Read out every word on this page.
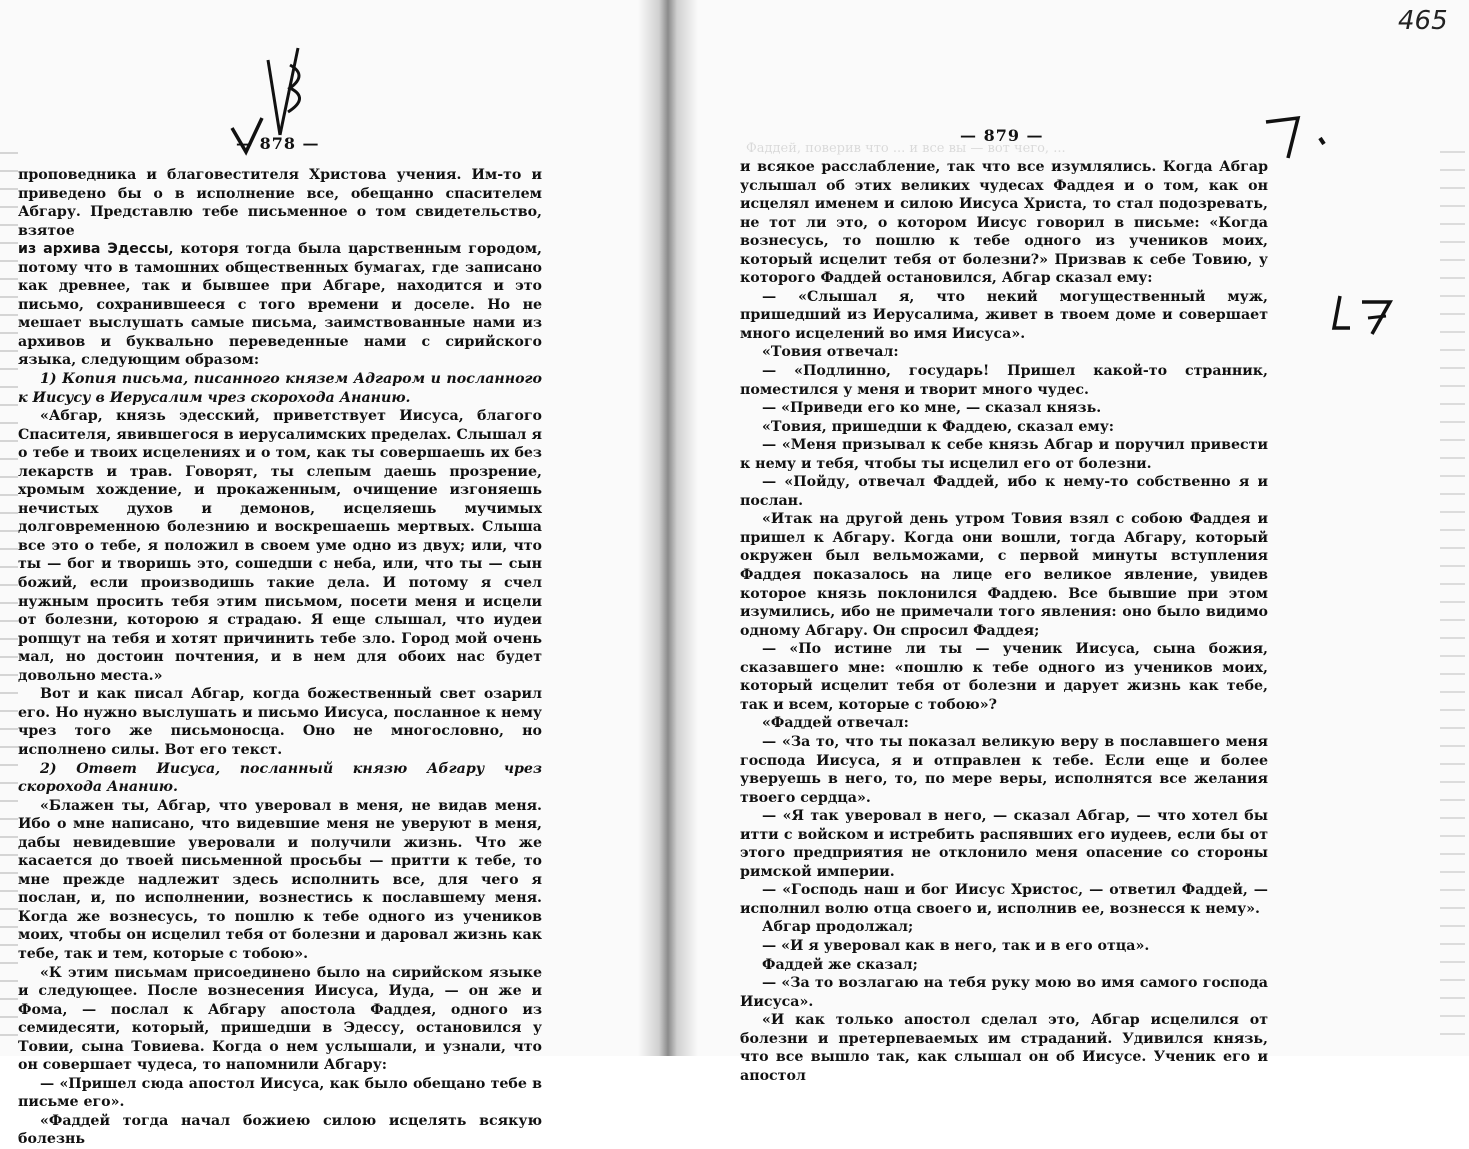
465
— 878 —

проповедника и благовестителя Христова учения. Им-то и приведено бы о в исполнение все, обещанно спасителем Абгару. Представлю тебе письменное о том свидетельство, взятое

из архива Эдессы, которя тогда была царственным городом, потому что в тамошних общественных бумагах, где записано как древнее, так и бывшее при Абгаре, находится и это письмо, сохранившееся с того времени и доселе. Но не мешает выслушать самые письма, заимствованные нами из архивов и буквально переведенные нами с сирийского языка, следующим образом:

1) Копия письма, писанного князем Адгаром и посланного к Иисусу в Иерусалим чрез скорохода Ананию.

«Абгар, князь эдесский, приветствует Иисуса, благого Спасителя, явившегося в иерусалимских пределах. Слышал я о тебе и твоих исцелениях и о том, как ты совершаешь их без лекарств и трав. Говорят, ты слепым даешь прозрение, хромым хождение, и прокаженным, очищение изгоняешь нечистых духов и демонов, исцеляешь мучимых долговременною болезнию и воскрешаешь мертвых. Слыша все это о тебе, я положил в своем уме одно из двух; или, что ты — бог и творишь это, сошедши с неба, или, что ты — сын божий, если производишь такие дела. И потому я счел нужным просить тебя этим письмом, посети меня и исцели от болезни, которою я страдаю. Я еще слышал, что иудеи ропщут на тебя и хотят причинить тебе зло. Город мой очень мал, но достоин почтения, и в нем для обоих нас будет довольно места.»

Вот и как писал Абгар, когда божественный свет озарил его. Но нужно выслушать и письмо Иисуса, посланное к нему чрез того же письмоносца. Оно не многословно, но исполнено силы. Вот его текст.

2) Ответ Иисуса, посланный князю Абгару чрез скорохода Ананию.

«Блажен ты, Абгар, что уверовал в меня, не видав меня. Ибо о мне написано, что видевшие меня не уверуют в меня, дабы невидевшие уверовали и получили жизнь. Что же касается до твоей письменной просьбы — притти к тебе, то мне прежде надлежит здесь исполнить все, для чего я послан, и, по исполнении, вознестись к пославшему меня. Когда же вознесусь, то пошлю к тебе одного из учеников моих, чтобы он исцелил тебя от болезни и даровал жизнь как тебе, так и тем, которые с тобою».

«К этим письмам присоединено было на сирийском языке и следующее. После вознесения Иисуса, Иуда, — он же и Фома, — послал к Абгару апостола Фаддея, одного из семидесяти, который, пришедши в Эдессу, остановился у Товии, сына Товиева. Когда о нем услышали, и узнали, что он совершает чудеса, то напомнили Абгару:

— «Пришел сюда апостол Иисуса, как было обещано тебе в письме его».

«Фаддей тогда начал божиею силою исцелять всякую болезнь

Фаддей, поверив что ... и все вы — вот чего, ...
— 879 —

и всякое расслабление, так что все изумлялись. Когда Абгар услышал об этих великих чудесах Фаддея и о том, как он исцелял именем и силою Иисуса Христа, то стал подозревать, не тот ли это, о котором Иисус говорил в письме: «Когда вознесусь, то пошлю к тебе одного из учеников моих, который исцелит тебя от болезни?» Призвав к себе Товию, у которого Фаддей остановился, Абгар сказал ему:

— «Слышал я, что некий могущественный муж, пришедший из Иерусалима, живет в твоем доме и совершает много исцелений во имя Иисуса».

«Товия отвечал:

— «Подлинно, государь! Пришел какой-то странник, поместился у меня и творит много чудес.

— «Приведи его ко мне, — сказал князь.

«Товия, пришедши к Фаддею, сказал ему:

— «Меня призывал к себе князь Абгар и поручил привести к нему и тебя, чтобы ты исцелил его от болезни.

— «Пойду, отвечал Фаддей, ибо к нему-то собственно я и послан.

«Итак на другой день утром Товия взял с собою Фаддея и пришел к Абгару. Когда они вошли, тогда Абгару, который окружен был вельможами, с первой минуты вступления Фаддея показалось на лице его великое явление, увидев которое князь поклонился Фаддею. Все бывшие при этом изумились, ибо не примечали того явления: оно было видимо одному Абгару. Он спросил Фаддея;

— «По истине ли ты — ученик Иисуса, сына божия, сказавшего мне: «пошлю к тебе одного из учеников моих, который исцелит тебя от болезни и дарует жизнь как тебе, так и всем, которые с тобою»?

«Фаддей отвечал:

— «За то, что ты показал великую веру в пославшего меня господа Иисуса, я и отправлен к тебе. Если еще и более уверуешь в него, то, по мере веры, исполнятся все желания твоего сердца».

— «Я так уверовал в него, — сказал Абгар, — что хотел бы итти с войском и истребить распявших его иудеев, если бы от этого предприятия не отклонило меня опасение со стороны римской империи.

— «Господь наш и бог Иисус Христос, — ответил Фаддей, — исполнил волю отца своего и, исполнив ее, вознесся к нему».

Абгар продолжал;

— «И я уверовал как в него, так и в его отца».

Фаддей же сказал;

— «За то возлагаю на тебя руку мою во имя самого господа Иисуса».

«И как только апостол сделал это, Абгар исцелился от болезни и претерпеваемых им страданий. Удивился князь, что все вышло так, как слышал он об Иисусе. Ученик его и апостол
